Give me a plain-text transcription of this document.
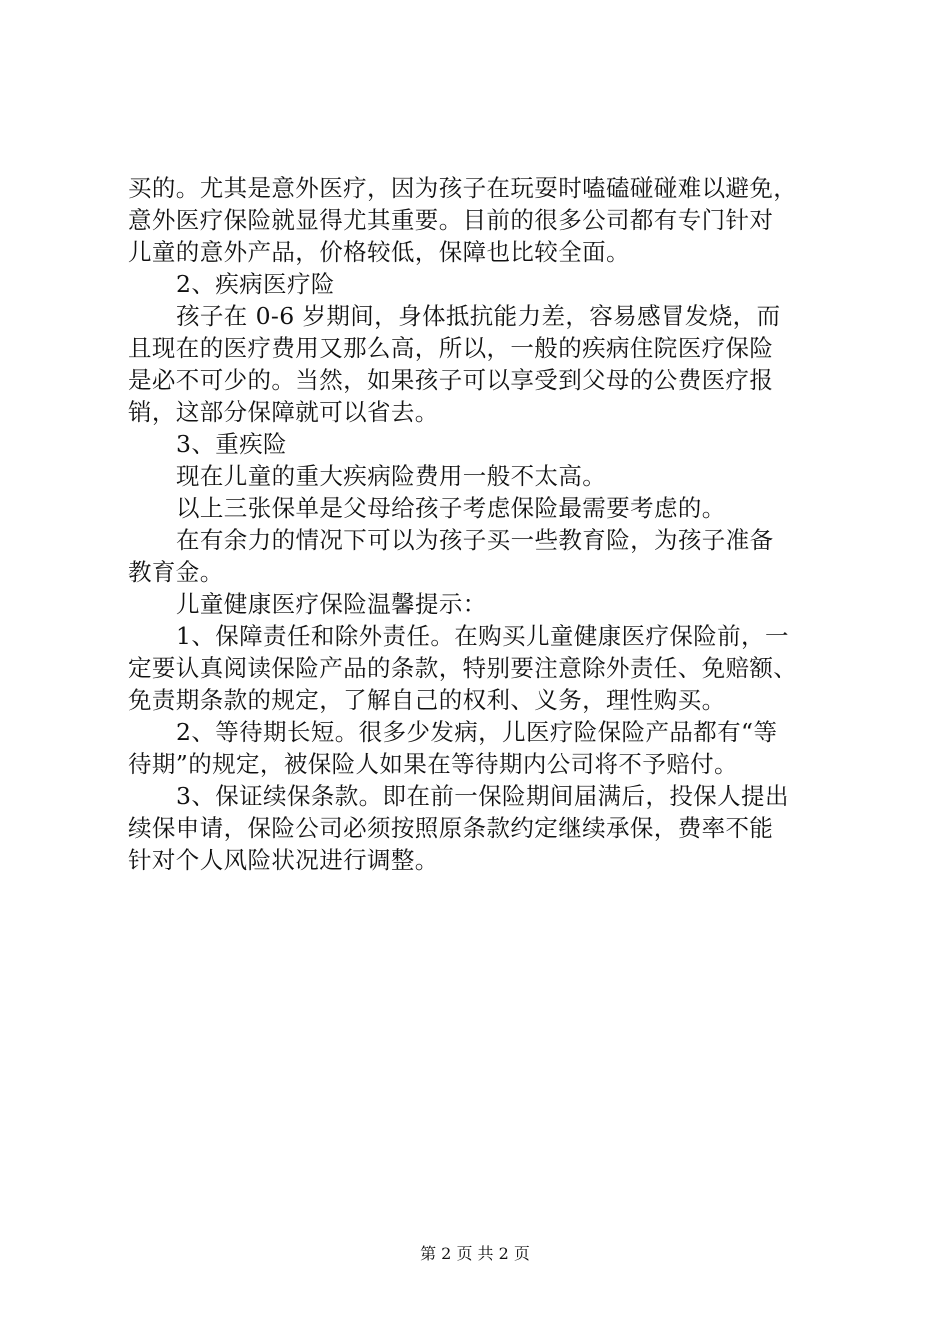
买的。尤其是意外医疗，因为孩子在玩耍时嗑磕碰碰难以避免，
意外医疗保险就显得尤其重要。目前的很多公司都有专门针对
儿童的意外产品，价格较低，保障也比较全面。
2、疾病医疗险
孩子在 0-6 岁期间，身体抵抗能力差，容易感冒发烧，而
且现在的医疗费用又那么高，所以，一般的疾病住院医疗保险
是必不可少的。当然，如果孩子可以享受到父母的公费医疗报
销，这部分保障就可以省去。
3、重疾险
现在儿童的重大疾病险费用一般不太高。
以上三张保单是父母给孩子考虑保险最需要考虑的。
在有余力的情况下可以为孩子买一些教育险，为孩子准备
教育金。
儿童健康医疗保险温馨提示：
1、保障责任和除外责任。在购买儿童健康医疗保险前，一
定要认真阅读保险产品的条款，特别要注意除外责任、免赔额、
免责期条款的规定，了解自己的权利、义务，理性购买。
2、等待期长短。很多少发病，儿医疗险保险产品都有“等
待期”的规定，被保险人如果在等待期内公司将不予赔付。
3、保证续保条款。即在前一保险期间届满后，投保人提出
续保申请，保险公司必须按照原条款约定继续承保，费率不能
针对个人风险状况进行调整。
第 2 页 共 2 页
